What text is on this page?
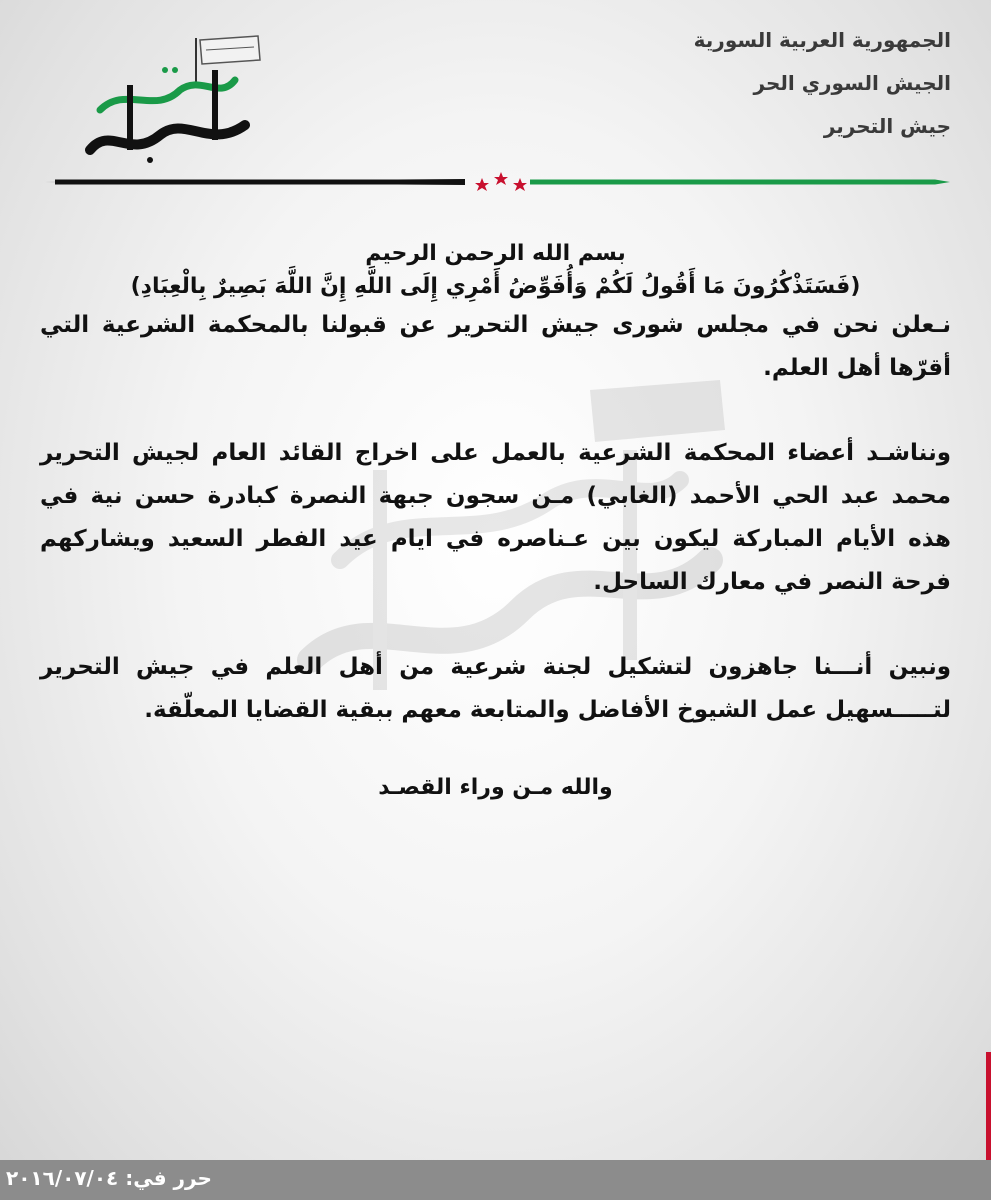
الجمهورية العربية السورية
الجيش السوري الحر
جيش التحرير
بسم الله الرحمن الرحيم
(فَسَتَذْكُرُونَ مَا أَقُولُ لَكُمْ وَأُفَوِّضُ أَمْرِي إِلَى اللَّهِ إِنَّ اللَّهَ بَصِيرٌ بِالْعِبَادِ)

نـعلن نحن في مجلس شورى جيش التحرير عن قبولنا بالمحكمة الشرعية التي أقرّها أهل العلم.

ونناشـد أعضاء المحكمة الشرعية بالعمل على اخراج القائد العام لجيش التحرير محمد عبد الحي الأحمد (الغابي) مـن سجون جبهة النصرة كبادرة حسن نية في هذه الأيام المباركة ليكون بين عـناصره في ايام عيد الفطر السعيد ويشاركهم فرحة النصر في معارك الساحل.

ونبين أنـــنا جاهزون لتشكيل لجنة شرعية من أهل العلم في جيش التحرير لتـــــسهيل عمل الشيوخ الأفاضل والمتابعة معهم ببقية القضايا المعلّقة.

والله مـن وراء القصـد
حرر في: ٢٠١٦/٠٧/٠٤
